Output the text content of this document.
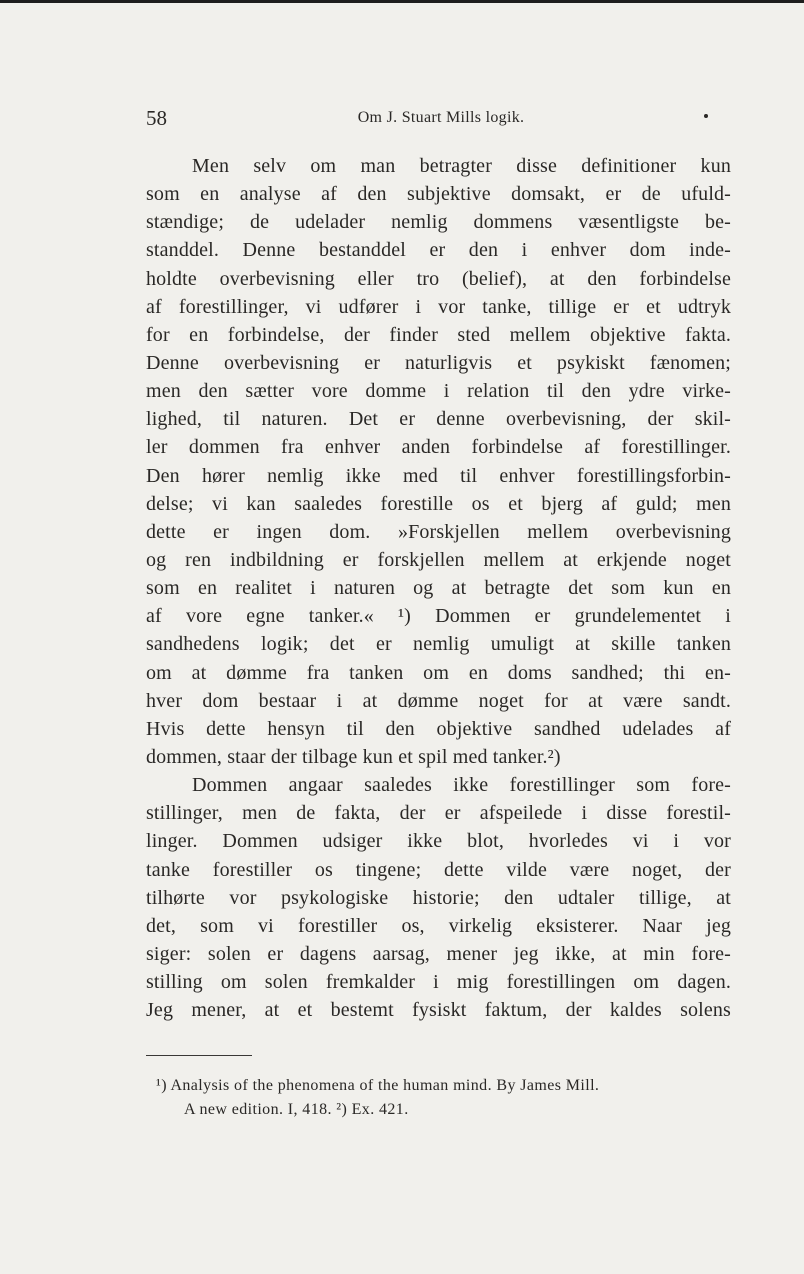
58	Om J. Stuart Mills logik.
Men selv om man betragter disse definitioner kun
som en analyse af den subjektive domsakt, er de ufuld-
stændige; de udelader nemlig dommens væsentligste be-
standdel. Denne bestanddel er den i enhver dom inde-
holdte overbevisning eller tro (belief), at den forbindelse
af forestillinger, vi udfører i vor tanke, tillige er et udtryk
for en forbindelse, der finder sted mellem objektive fakta.
Denne overbevisning er naturligvis et psykiskt fænomen;
men den sætter vore domme i relation til den ydre virke-
lighed, til naturen. Det er denne overbevisning, der skil-
ler dommen fra enhver anden forbindelse af forestillinger.
Den hører nemlig ikke med til enhver forestillingsforbin-
delse; vi kan saaledes forestille os et bjerg af guld; men
dette er ingen dom. »Forskjellen mellem overbevisning
og ren indbildning er forskjellen mellem at erkjende noget
som en realitet i naturen og at betragte det som kun en
af vore egne tanker.« ¹) Dommen er grundelementet i
sandhedens logik; det er nemlig umuligt at skille tanken
om at dømme fra tanken om en doms sandhed; thi en-
hver dom bestaar i at dømme noget for at være sandt.
Hvis dette hensyn til den objektive sandhed udelades af
dommen, staar der tilbage kun et spil med tanker.²)
Dommen angaar saaledes ikke forestillinger som fore-
stillinger, men de fakta, der er afspeilede i disse forestil-
linger. Dommen udsiger ikke blot, hvorledes vi i vor
tanke forestiller os tingene; dette vilde være noget, der
tilhørte vor psykologiske historie; den udtaler tillige, at
det, som vi forestiller os, virkelig eksisterer. Naar jeg
siger: solen er dagens aarsag, mener jeg ikke, at min fore-
stilling om solen fremkalder i mig forestillingen om dagen.
Jeg mener, at et bestemt fysiskt faktum, der kaldes solens
¹) Analysis of the phenomena of the human mind. By James Mill.
A new edition. I, 418. ²) Ex. 421.
